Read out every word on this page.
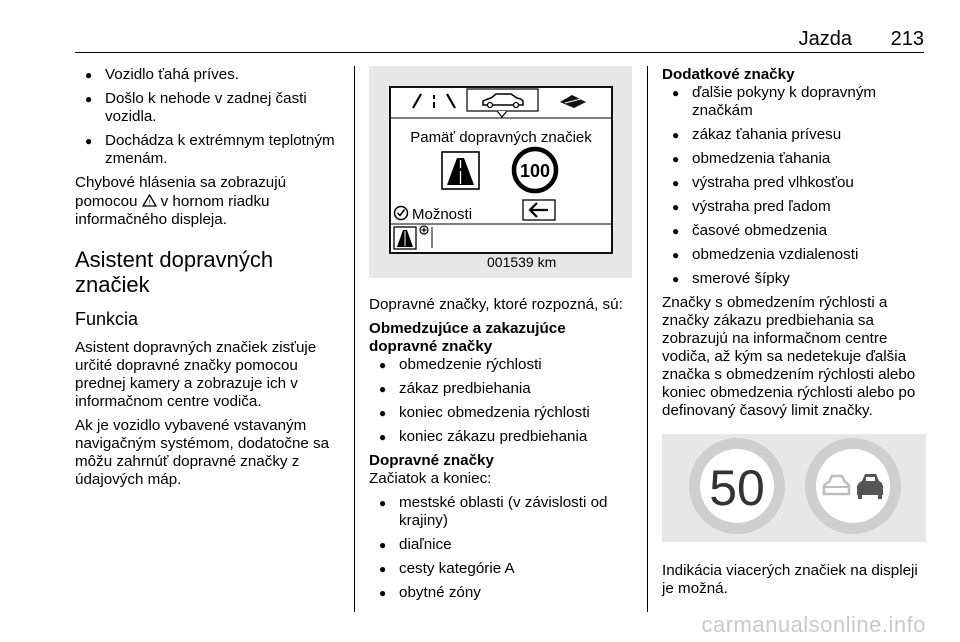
Jazda 213
● Vozidlo ťahá príves.
● Došlo k nehode v zadnej časti vozidla.
● Dochádza k extrémnym teplotným zmenám.

Chybové hlásenia sa zobrazujú pomocou ! v hornom riadku informačného displeja.

Asistent dopravných značiek
Funkcia

Asistent dopravných značiek zisťuje určité dopravné značky pomocou prednej kamery a zobrazuje ich v informačnom centre vodiča.

Ak je vozidlo vybavené vstavaným navigačným systémom, dodatočne sa môžu zahrnúť dopravné značky z údajových máp.

Pamäť dopravných značiek
100
Možnosti
001539 km

Dopravné značky, ktoré rozpozná, sú:

Obmedzujúce a zakazujúce dopravné značky
● obmedzenie rýchlosti
● zákaz predbiehania
● koniec obmedzenia rýchlosti
● koniec zákazu predbiehania
Dopravné značky

Začiatok a koniec:

● mestské oblasti (v závislosti od krajiny)
● diaľnice
● cesty kategórie A
● obytné zóny
Dodatkové značky
● ďalšie pokyny k dopravným značkám
● zákaz ťahania prívesu
● obmedzenia ťahania
● výstraha pred vlhkosťou
● výstraha pred ľadom
● časové obmedzenia
● obmedzenia vzdialenosti
● smerové šípky

Značky s obmedzením rýchlosti a značky zákazu predbiehania sa zobrazujú na informačnom centre vodiča, až kým sa nedetekuje ďalšia značka s obmedzením rýchlosti alebo koniec obmedzenia rýchlosti alebo po definovaný časový limit značky.

50

Indikácia viacerých značiek na displeji je možná.

carmanualsonline.info
